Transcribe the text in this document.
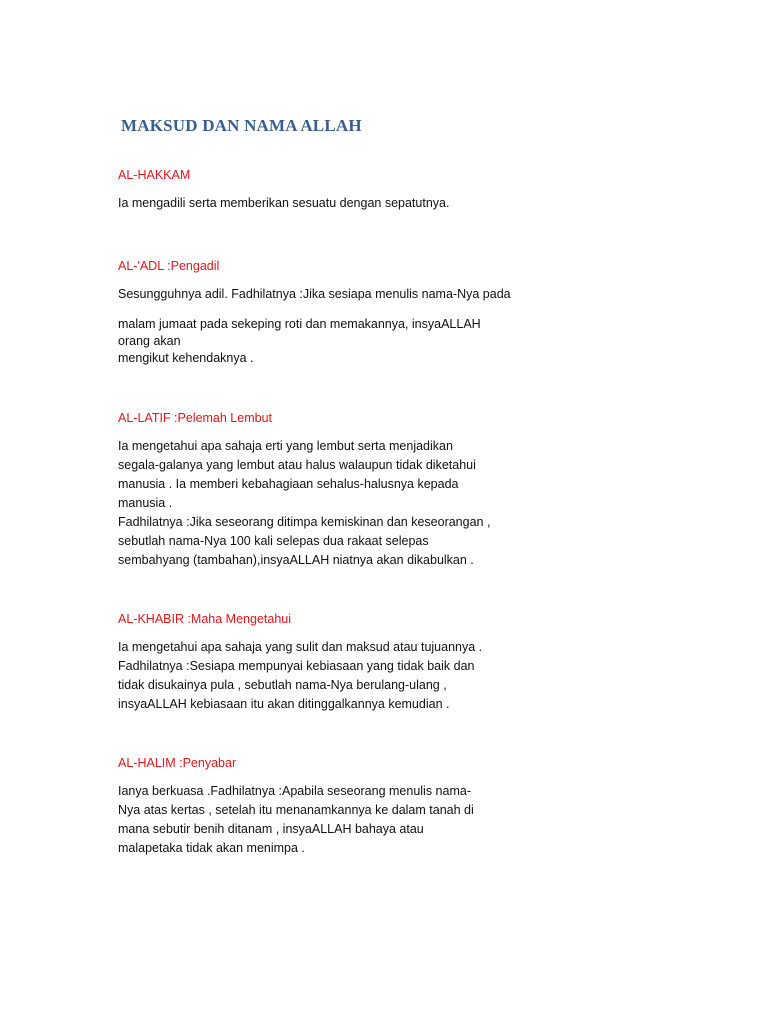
MAKSUD DAN NAMA ALLAH
AL-HAKKAM
Ia mengadili serta memberikan sesuatu dengan sepatutnya.
AL-'ADL :Pengadil
Sesungguhnya adil. Fadhilatnya :Jika sesiapa menulis nama-Nya pada
malam jumaat pada sekeping roti dan memakannya, insyaALLAH
orang akan
mengikut kehendaknya .
AL-LATIF :Pelemah Lembut
Ia mengetahui apa sahaja erti yang lembut serta menjadikan
segala-galanya yang lembut atau halus walaupun tidak diketahui
manusia . Ia memberi kebahagiaan sehalus-halusnya kepada
manusia .
Fadhilatnya :Jika seseorang ditimpa kemiskinan dan keseorangan ,
sebutlah nama-Nya 100 kali selepas dua rakaat selepas
sembahyang (tambahan),insyaALLAH niatnya akan dikabulkan .
AL-KHABIR :Maha Mengetahui
Ia mengetahui apa sahaja yang sulit dan maksud atau tujuannya .
Fadhilatnya :Sesiapa mempunyai kebiasaan yang tidak baik dan
tidak disukainya pula , sebutlah nama-Nya berulang-ulang ,
insyaALLAH kebiasaan itu akan ditinggalkannya kemudian .
AL-HALIM :Penyabar
Ianya berkuasa .Fadhilatnya :Apabila seseorang menulis nama-
Nya atas kertas , setelah itu menanamkannya ke dalam tanah di
mana sebutir benih ditanam , insyaALLAH bahaya atau
malapetaka tidak akan menimpa .
